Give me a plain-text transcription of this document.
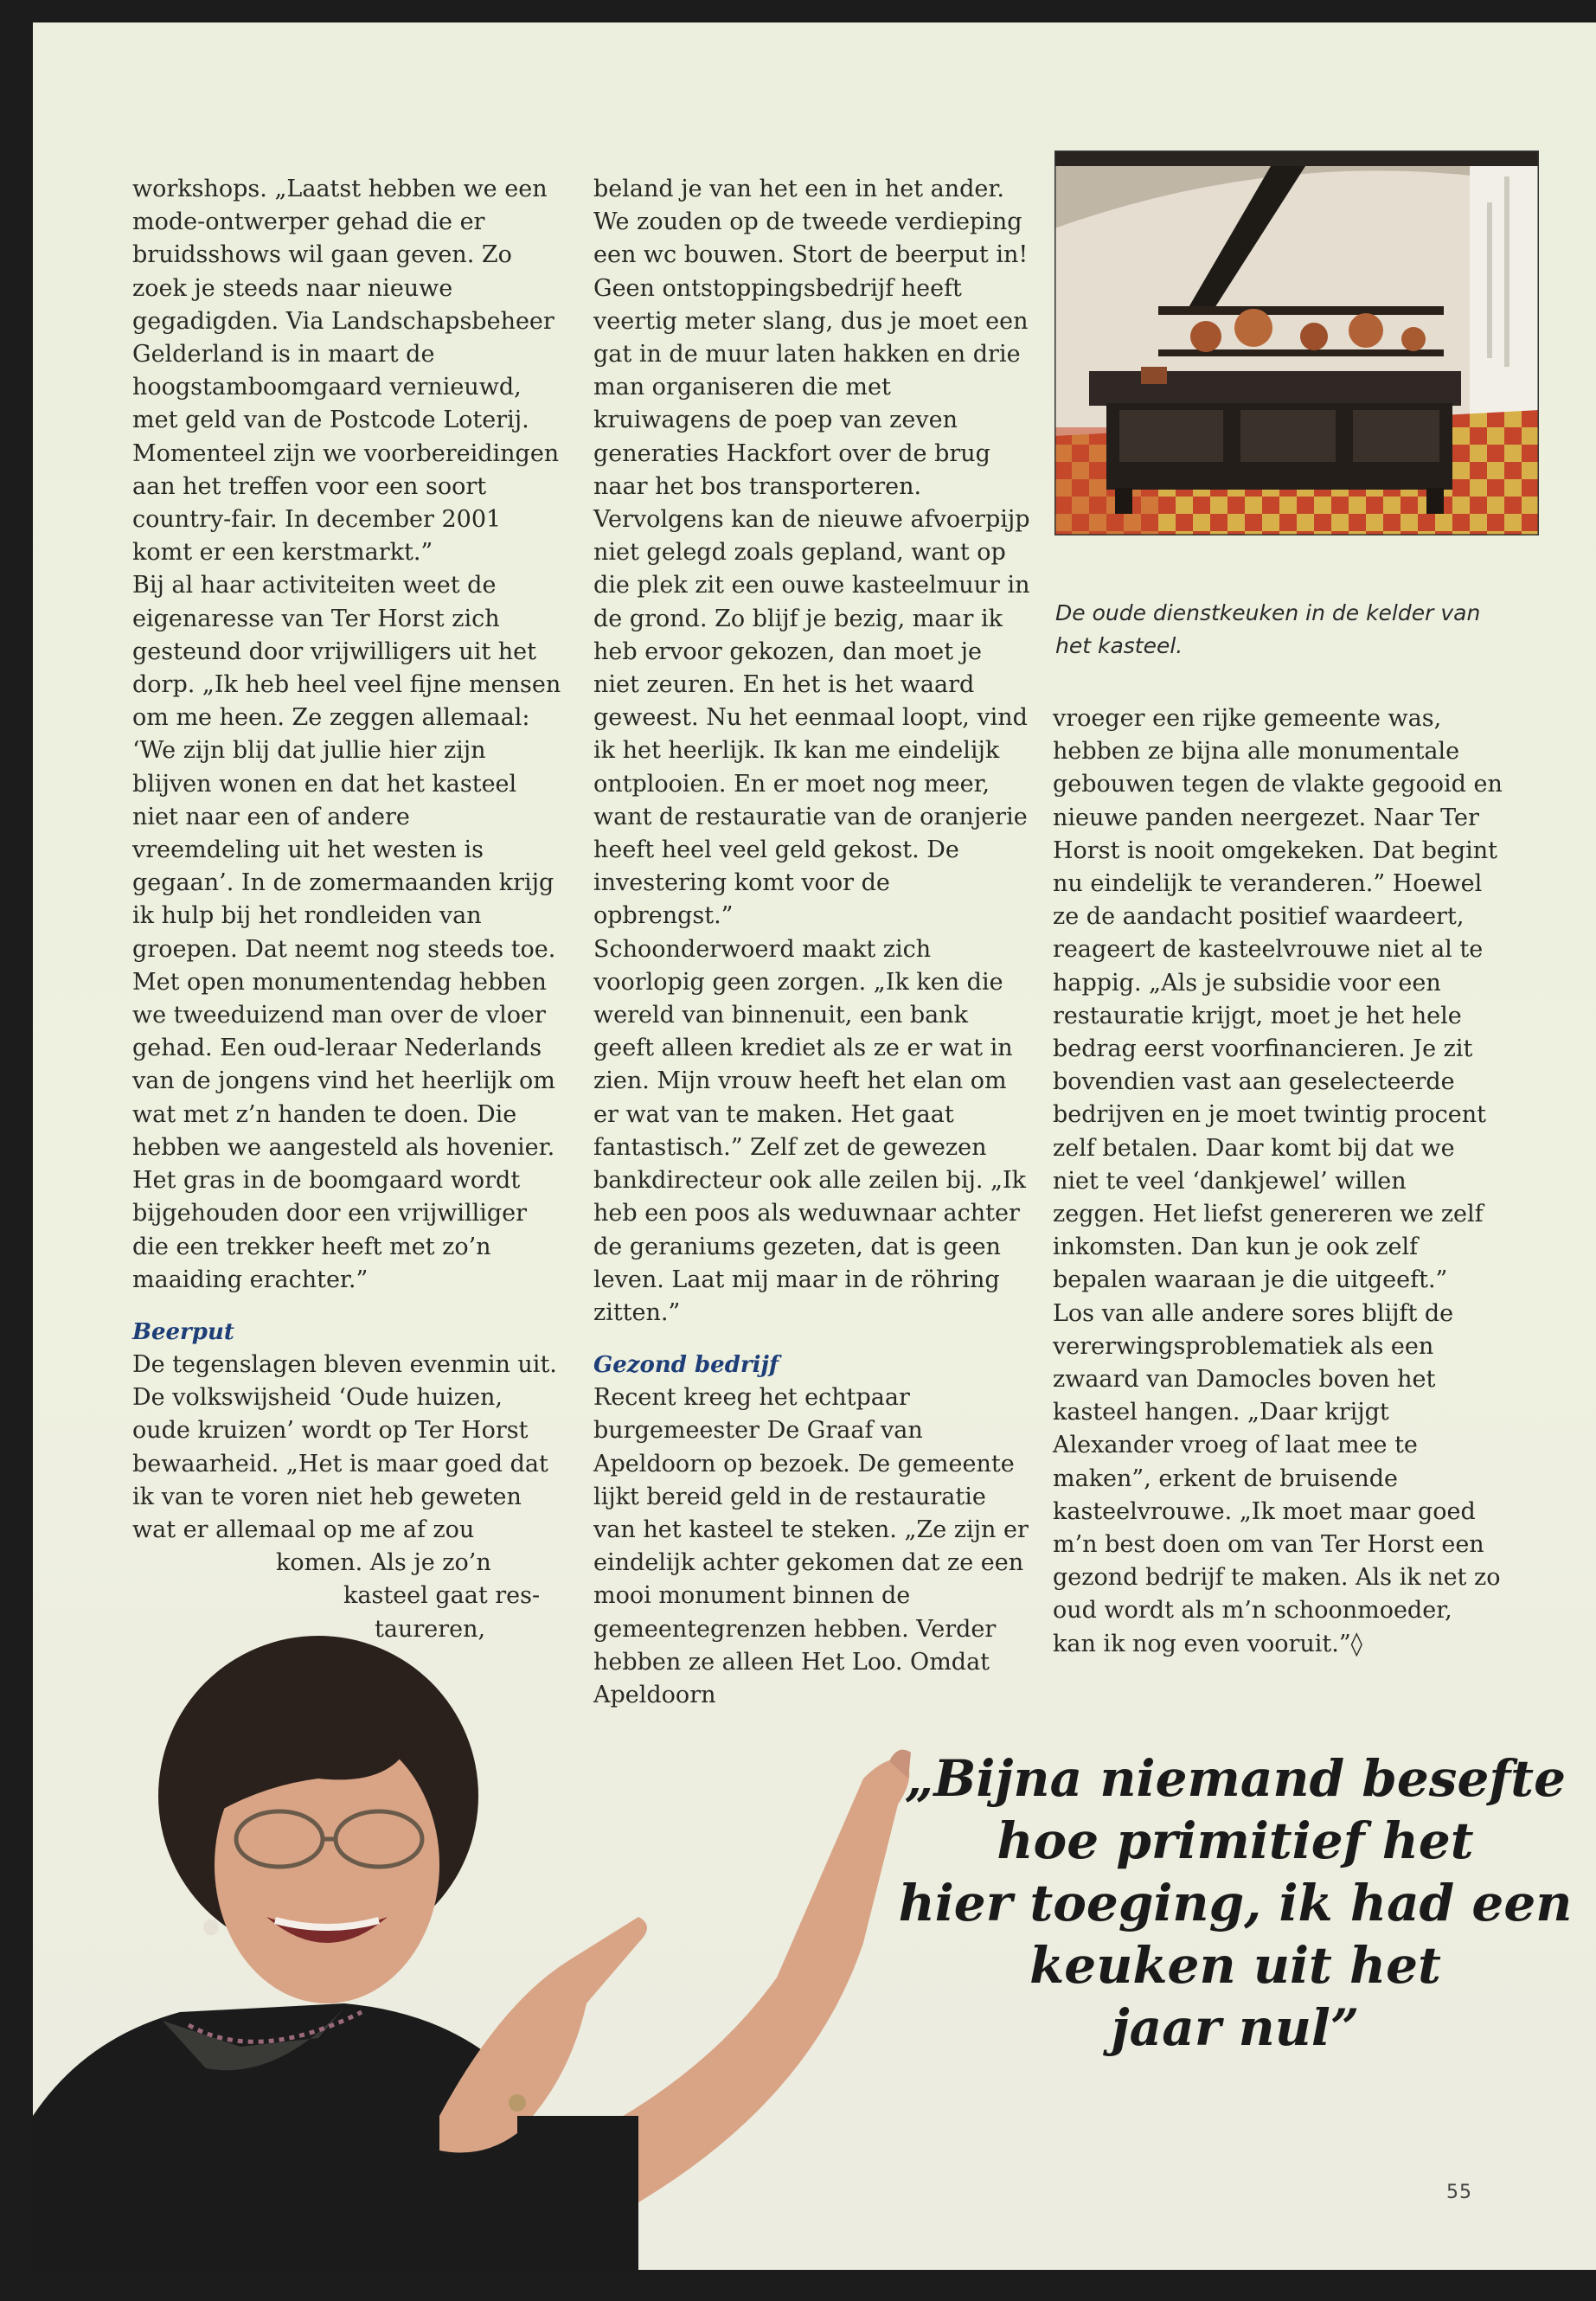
workshops. „Laatst hebben we een mode-ontwerper gehad die er bruidsshows wil gaan geven. Zo zoek je steeds naar nieuwe gegadigden. Via Landschapsbeheer Gelderland is in maart de hoogstamboomgaard vernieuwd, met geld van de Postcode Loterij. Momenteel zijn we voorbereidingen aan het treffen voor een soort country-fair. In december 2001 komt er een kerstmarkt.”

Bij al haar activiteiten weet de eigenaresse van Ter Horst zich gesteund door vrijwilligers uit het dorp. „Ik heb heel veel fijne mensen om me heen. Ze zeggen allemaal: ‘We zijn blij dat jullie hier zijn blijven wonen en dat het kasteel niet naar een of andere vreemdeling uit het westen is gegaan’. In de zomermaanden krijg ik hulp bij het rondleiden van groepen. Dat neemt nog steeds toe. Met open monumentendag hebben we tweeduizend man over de vloer gehad. Een oud-leraar Nederlands van de jongens vind het heerlijk om wat met z’n handen te doen. Die hebben we aangesteld als hovenier. Het gras in de boomgaard wordt bijgehouden door een vrijwilliger die een trekker heeft met zo’n maaiding erachter.”

Beerput

De tegenslagen bleven evenmin uit. De volkswijsheid ‘Oude huizen, oude kruizen’ wordt op Ter Horst bewaarheid. „Het is maar goed dat ik van te voren niet heb geweten wat er allemaal op me af zou

komen. Als je zo’n

kasteel gaat res-

taureren,

beland je van het een in het ander. We zouden op de tweede verdieping een wc bouwen. Stort de beerput in! Geen ontstoppingsbedrijf heeft veertig meter slang, dus je moet een gat in de muur laten hakken en drie man organiseren die met kruiwagens de poep van zeven generaties Hackfort over de brug naar het bos transporteren. Vervolgens kan de nieuwe afvoerpijp niet gelegd zoals gepland, want op die plek zit een ouwe kasteelmuur in de grond. Zo blijf je bezig, maar ik heb ervoor gekozen, dan moet je niet zeuren. En het is het waard geweest. Nu het eenmaal loopt, vind ik het heerlijk. Ik kan me eindelijk ontplooien. En er moet nog meer, want de restauratie van de oranjerie heeft heel veel geld gekost. De investering komt voor de opbrengst.”

Schoonderwoerd maakt zich voorlopig geen zorgen. „Ik ken die wereld van binnenuit, een bank geeft alleen krediet als ze er wat in zien. Mijn vrouw heeft het elan om er wat van te maken. Het gaat fantastisch.” Zelf zet de gewezen bankdirecteur ook alle zeilen bij. „Ik heb een poos als weduwnaar achter de geraniums gezeten, dat is geen leven. Laat mij maar in de röhring zitten.”

Gezond bedrijf

Recent kreeg het echtpaar burgemeester De Graaf van Apeldoorn op bezoek. De gemeente lijkt bereid geld in de restauratie van het kasteel te steken. „Ze zijn er eindelijk achter gekomen dat ze een mooi monument binnen de gemeentegrenzen hebben. Verder hebben ze alleen Het Loo. Omdat Apeldoorn

De oude dienstkeuken in de kelder van het kasteel.

vroeger een rijke gemeente was, hebben ze bijna alle monumentale gebouwen tegen de vlakte gegooid en nieuwe panden neergezet. Naar Ter Horst is nooit omgekeken. Dat begint nu eindelijk te veranderen.” Hoewel ze de aandacht positief waardeert, reageert de kasteelvrouwe niet al te happig. „Als je subsidie voor een restauratie krijgt, moet je het hele bedrag eerst voorfinancieren. Je zit bovendien vast aan geselecteerde bedrijven en je moet twintig procent zelf betalen. Daar komt bij dat we niet te veel ‘dankjewel’ willen zeggen. Het liefst genereren we zelf inkomsten. Dan kun je ook zelf bepalen waaraan je die uitgeeft.”

Los van alle andere sores blijft de vererwingsproblematiek als een zwaard van Damocles boven het kasteel hangen. „Daar krijgt Alexander vroeg of laat mee te maken”, erkent de bruisende kasteelvrouwe. „Ik moet maar goed m’n best doen om van Ter Horst een gezond bedrijf te maken. Als ik net zo oud wordt als m’n schoonmoeder, kan ik nog even vooruit.”◊

„Bijna niemand besefte
hoe primitief het
hier toeging, ik had een
keuken uit het
jaar nul”
55
